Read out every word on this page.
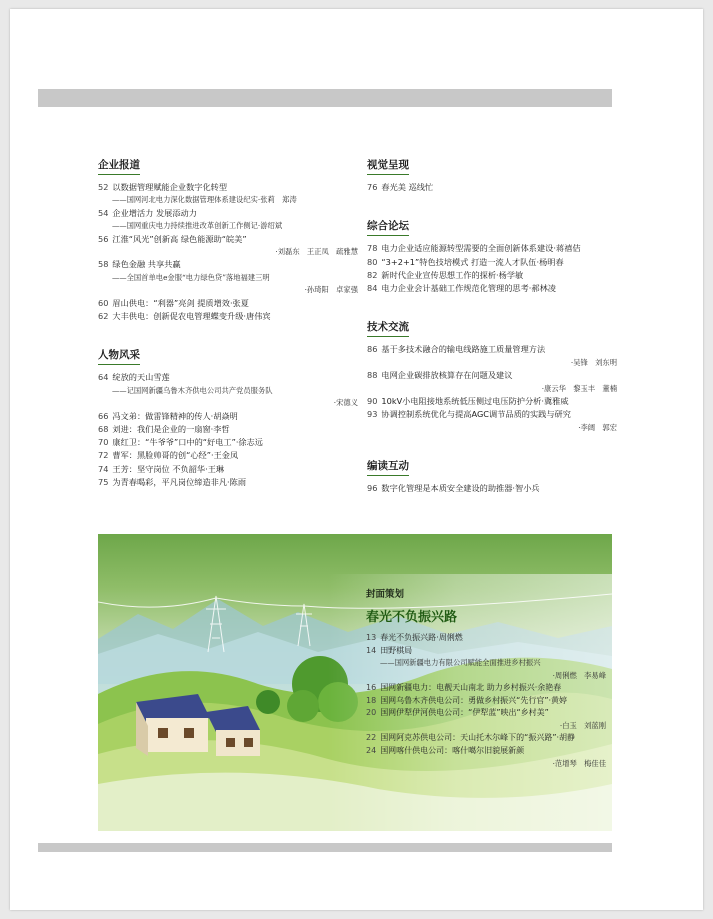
企业报道
52 以数据管理赋能企业数字化转型
——国网河北电力深化数据管理体系建设纪实·张莉　郑涛
54 企业增活力 发展添动力
——国网重庆电力持续推进改革创新工作侧记·游绍斌
56 江淮“风光”创新高 绿色能源助“皖美”
·刘磊东　王正凤　疏雅慧
58 绿色金融 共享共赢
——全国首单电e金服“电力绿色贷”落地福建三明
·孙琦阳　卓家强
60 眉山供电：“利器”亮剑 提质增效·张夏
62 大丰供电：创新促农电管理蝶变升级·唐伟宾
人物风采
64 绽放的天山雪莲
——记国网新疆乌鲁木齐供电公司共产党员服务队
·宋德义
66 冯文弟：做雷锋精神的传人·胡焱明
68 刘进：我们是企业的一扇窗·李哲
70 康红卫：“牛爷爷”口中的“好电工”·徐志远
72 曹军：黑脸帅哥的创“心经”·王金凤
74 王芳：坚守岗位 不负韶华·王琳
75 为青春喝彩，平凡岗位缔造非凡·陈雨
视觉呈现
76 春光美 巡线忙
综合论坛
78 电力企业适应能源转型需要的全面创新体系建设·蒋禧佶
80 “3+2+1”特色技培模式 打造一流人才队伍·杨明春
82 新时代企业宣传思想工作的探析·杨学敏
84 电力企业会计基础工作规范化管理的思考·郝林凌
技术交流
86 基于多技术融合的输电线路施工质量管理方法
·吴锋　刘东明
88 电网企业碳排放核算存在问题及建议
·康云华　黎玉丰　董楠
90 10kV小电阻接地系统低压侧过电压防护分析·冀雅威
93 协调控制系统优化与提高AGC调节品质的实践与研究
·李阔　郭宏
编读互动
96 数字化管理是本质安全建设的助推器·智小兵
封面策划
春光不负振兴路
13 春光不负振兴路·周俐燃
14 田野棋局
——国网新疆电力有限公司赋能全面推进乡村振兴
·周俐燃　李易峰
16 国网新疆电力：电靓天山南北 助力乡村振兴·余艳春
18 国网乌鲁木齐供电公司：勇做乡村振兴“先行官”·黄婷
20 国网伊犁伊河供电公司：“伊犁蓝”映出“乡村美”
·白玉　刘蓝刚
22 国网阿克苏供电公司：天山托木尔峰下的“振兴路”·胡静
24 国网喀什供电公司：喀什噶尔旧貌展新颜
·范增琴　梅佳佳
